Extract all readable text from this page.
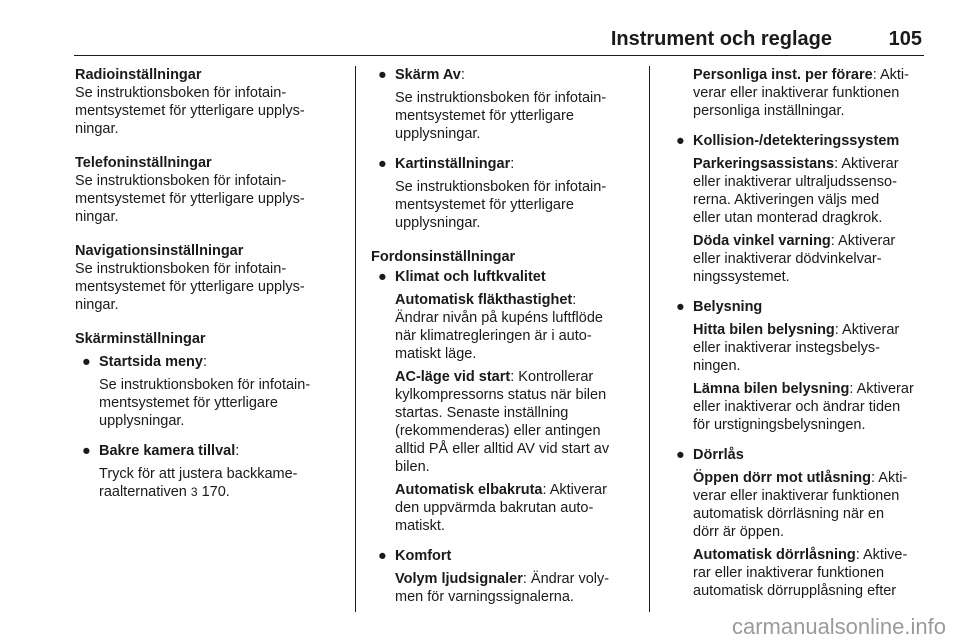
Instrument och reglage	105
Radioinställningar
Se instruktionsboken för infotain-
mentsystemet för ytterligare upplys-
ningar.
Telefoninställningar
Se instruktionsboken för infotain-
mentsystemet för ytterligare upplys-
ningar.
Navigationsinställningar
Se instruktionsboken för infotain-
mentsystemet för ytterligare upplys-
ningar.
Skärminställningar
● Startsida meny:
Se instruktionsboken för infotain-
mentsystemet för ytterligare
upplysningar.
● Bakre kamera tillval:
Tryck för att justera backkame-
raalternativen 3 170.
● Skärm Av:
Se instruktionsboken för infotain-
mentsystemet för ytterligare
upplysningar.
● Kartinställningar:
Se instruktionsboken för infotain-
mentsystemet för ytterligare
upplysningar.
Fordonsinställningar
● Klimat och luftkvalitet
Automatisk fläkthastighet:
Ändrar nivån på kupéns luftflöde
när klimatregleringen är i auto-
matiskt läge.
AC-läge vid start: Kontrollerar
kylkompressorns status när bilen
startas. Senaste inställning
(rekommenderas) eller antingen
alltid PÅ eller alltid AV vid start av
bilen.
Automatisk elbakruta: Aktiverar
den uppvärmda bakrutan auto-
matiskt.
● Komfort
Volym ljudsignaler: Ändrar voly-
men för varningssignalerna.
Personliga inst. per förare: Akti-
verar eller inaktiverar funktionen
personliga inställningar.
● Kollision-/detekteringssystem
Parkeringsassistans: Aktiverar
eller inaktiverar ultraljudssenso-
rerna. Aktiveringen väljs med
eller utan monterad dragkrok.
Döda vinkel varning: Aktiverar
eller inaktiverar dödvinkelvar-
ningssystemet.
● Belysning
Hitta bilen belysning: Aktiverar
eller inaktiverar instegsbelys-
ningen.
Lämna bilen belysning: Aktiverar
eller inaktiverar och ändrar tiden
för urstigningsbelysningen.
● Dörrlås
Öppen dörr mot utlåsning: Akti-
verar eller inaktiverar funktionen
automatisk dörrläsning när en
dörr är öppen.
Automatisk dörrlåsning: Aktive-
rar eller inaktiverar funktionen
automatisk dörrupplåsning efter
carmanualsonline.info
